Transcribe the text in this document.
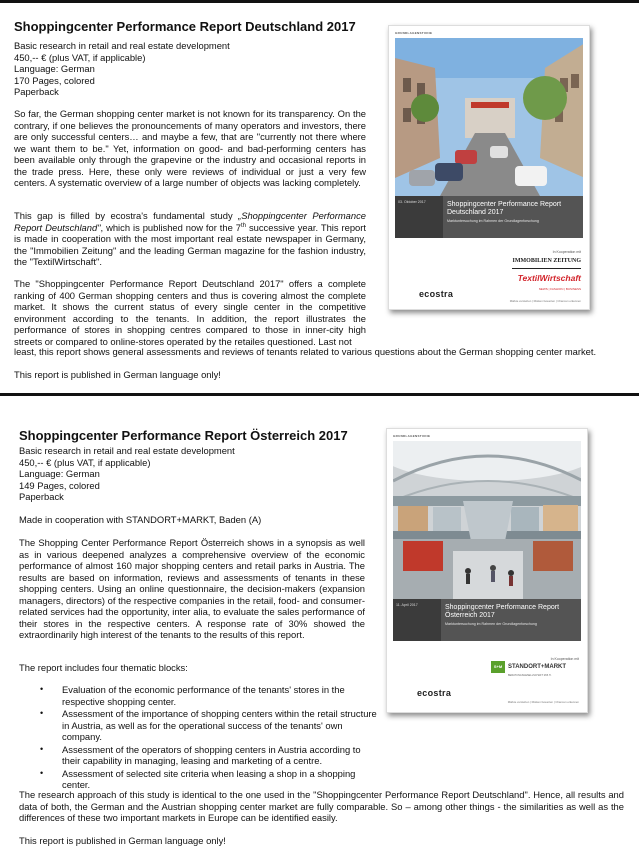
Shoppingcenter Performance Report Deutschland 2017
Basic research in retail and real estate development
450,-- € (plus VAT, if applicable)
Language: German
170 Pages, colored
Paperback

So far, the German shopping center market is not known for its transparency. On the contrary, if one believes the pronouncements of many operators and investors, there are only successful centers… and maybe a few, that are "currently not there where we want them to be." Yet, information on good- and bad-performing centers has been available only through the grapevine or the industry and occasional reports in the trade press. Here, these only were reviews of individual or just a very few centers. A systematic overview of a large number of objects was lacking completely.

This gap is filled by ecostra's fundamental study „Shoppingcenter Performance Report Deutschland", which is published now for the 7th successive year. This report is made in cooperation with the most important real estate newspaper in Germany, the "Immobilien Zeitung" and the leading German magazine for the fashion industry, the "TextilWirtschaft".

The "Shoppingcenter Performance Report Deutschland 2017" offers a complete ranking of 400 German shopping centers and thus is covering almost the complete market. It shows the current status of every single center in the competitive environment according to the tenants. In addition, the report illustrates the performance of stores in shopping centres compared to those in inner-city high streets or compared to online-stores operated by the retailes questioned. Last not

least, this report shows general assessments and reviews of tenants related to various questions about the German shopping center market.

This report is published in German language only!

GRUNDLAGENSTUDIE
03. Oktober 2017	Shoppingcenter Performance Report
Deutschland 2017
Marktuntersuchung im Rahmen der Grundlagenforschung
In Kooperation mit
IMMOBILIEN ZEITUNG
TextilWirtschaft
NEWS | FASHION | BUSINESS
ecostra
Märkte verstehen | Risiken bewerten | Chancen erkennen
Shoppingcenter Performance Report Österreich 2017
Basic research in retail and real estate development
450,-- € (plus VAT, if applicable)
Language: German
149 Pages, colored
Paperback

Made in cooperation with STANDORT+MARKT, Baden (A)

The Shopping Center Performance Report Österreich shows in a synopsis as well as in various deepened analyzes a comprehensive overview of the economic performance of almost 160 major shopping centers and retail parks in Austria. The results are based on information, reviews and assessments of tenants in these shopping centers. Using an online questionnaire, the decision-makers (expansion managers, directors) of the respective companies in the retail, food- and consumer-related services had the opportunity, inter alia, to evaluate the sales performance of their stores in the respective centers. A response rate of 30% showed the extraordinarily high interest of the tenants to the results of this report.

The report includes four thematic blocks:

• Evaluation of the economic performance of the tenants' stores in the respective shopping center.
• Assessment of the importance of shopping centers within the retail structure in Austria, as well as for the operational success of the tenants' own company.
• Assessment of the operators of shopping centers in Austria according to their capability in managing, leasing and marketing of a centre.
• Assessment of selected site criteria when leasing a shop in a shopping center.

The research approach of this study is identical to the one used in the "Shoppingcenter Performance Report Deutschland". Hence, all results and data of both, the German and the Austrian shopping center market are fully comparable. So – among other things - the similarities as well as the differences of these two important markets in Europe can be identified easily.

This report is published in German language only!

GRUNDLAGENSTUDIE
11. April 2017	Shoppingcenter Performance Report
Österreich 2017
Marktuntersuchung im Rahmen der Grundlagenforschung
In Kooperation mit
S+M STANDORT+MARKT
BERATUNGSGESELLSCHAFT M.B.H.
ecostra
Märkte verstehen | Risiken bewerten | Chancen erkennen
